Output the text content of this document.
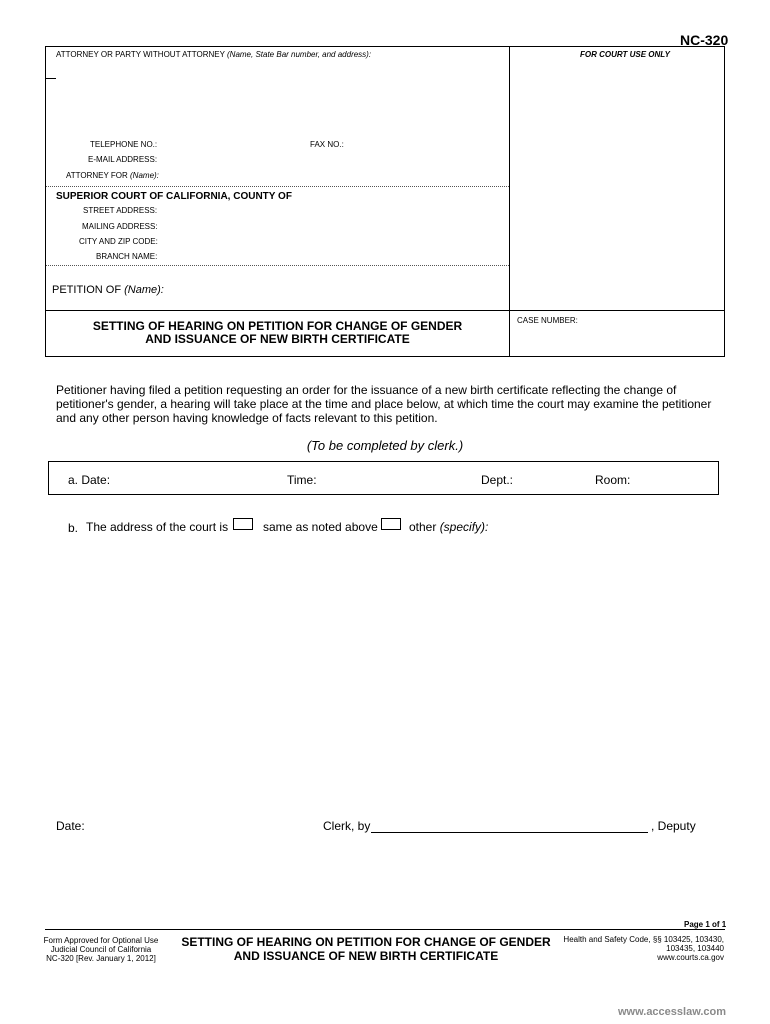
NC-320
ATTORNEY OR PARTY WITHOUT ATTORNEY (Name, State Bar number, and address):
TELEPHONE NO.:	FAX NO.:
E-MAIL ADDRESS:
ATTORNEY FOR (Name):
FOR COURT USE ONLY
SUPERIOR COURT OF CALIFORNIA, COUNTY OF
STREET ADDRESS:
MAILING ADDRESS:
CITY AND ZIP CODE:
BRANCH NAME:
PETITION OF (Name):
SETTING OF HEARING ON PETITION FOR CHANGE OF GENDER
AND ISSUANCE OF NEW BIRTH CERTIFICATE
CASE NUMBER:
Petitioner having filed a petition requesting an order for the issuance of a new birth certificate reflecting the change of petitioner's gender, a hearing will take place at the time and place below, at which time the court may examine the petitioner and any other person having knowledge of facts relevant to this petition.
(To be completed by clerk.)
a. Date:	Time:	Dept.:	Room:
b. The address of the court is	same as noted above	other (specify):
Date:	Clerk, by	, Deputy
Page 1 of 1
Form Approved for Optional Use
Judicial Council of California
NC-320 [Rev. January 1, 2012]
SETTING OF HEARING ON PETITION FOR CHANGE OF GENDER
AND ISSUANCE OF NEW BIRTH CERTIFICATE
Health and Safety Code, §§ 103425, 103430,
103435, 103440
www.courts.ca.gov
www.accesslaw.com
